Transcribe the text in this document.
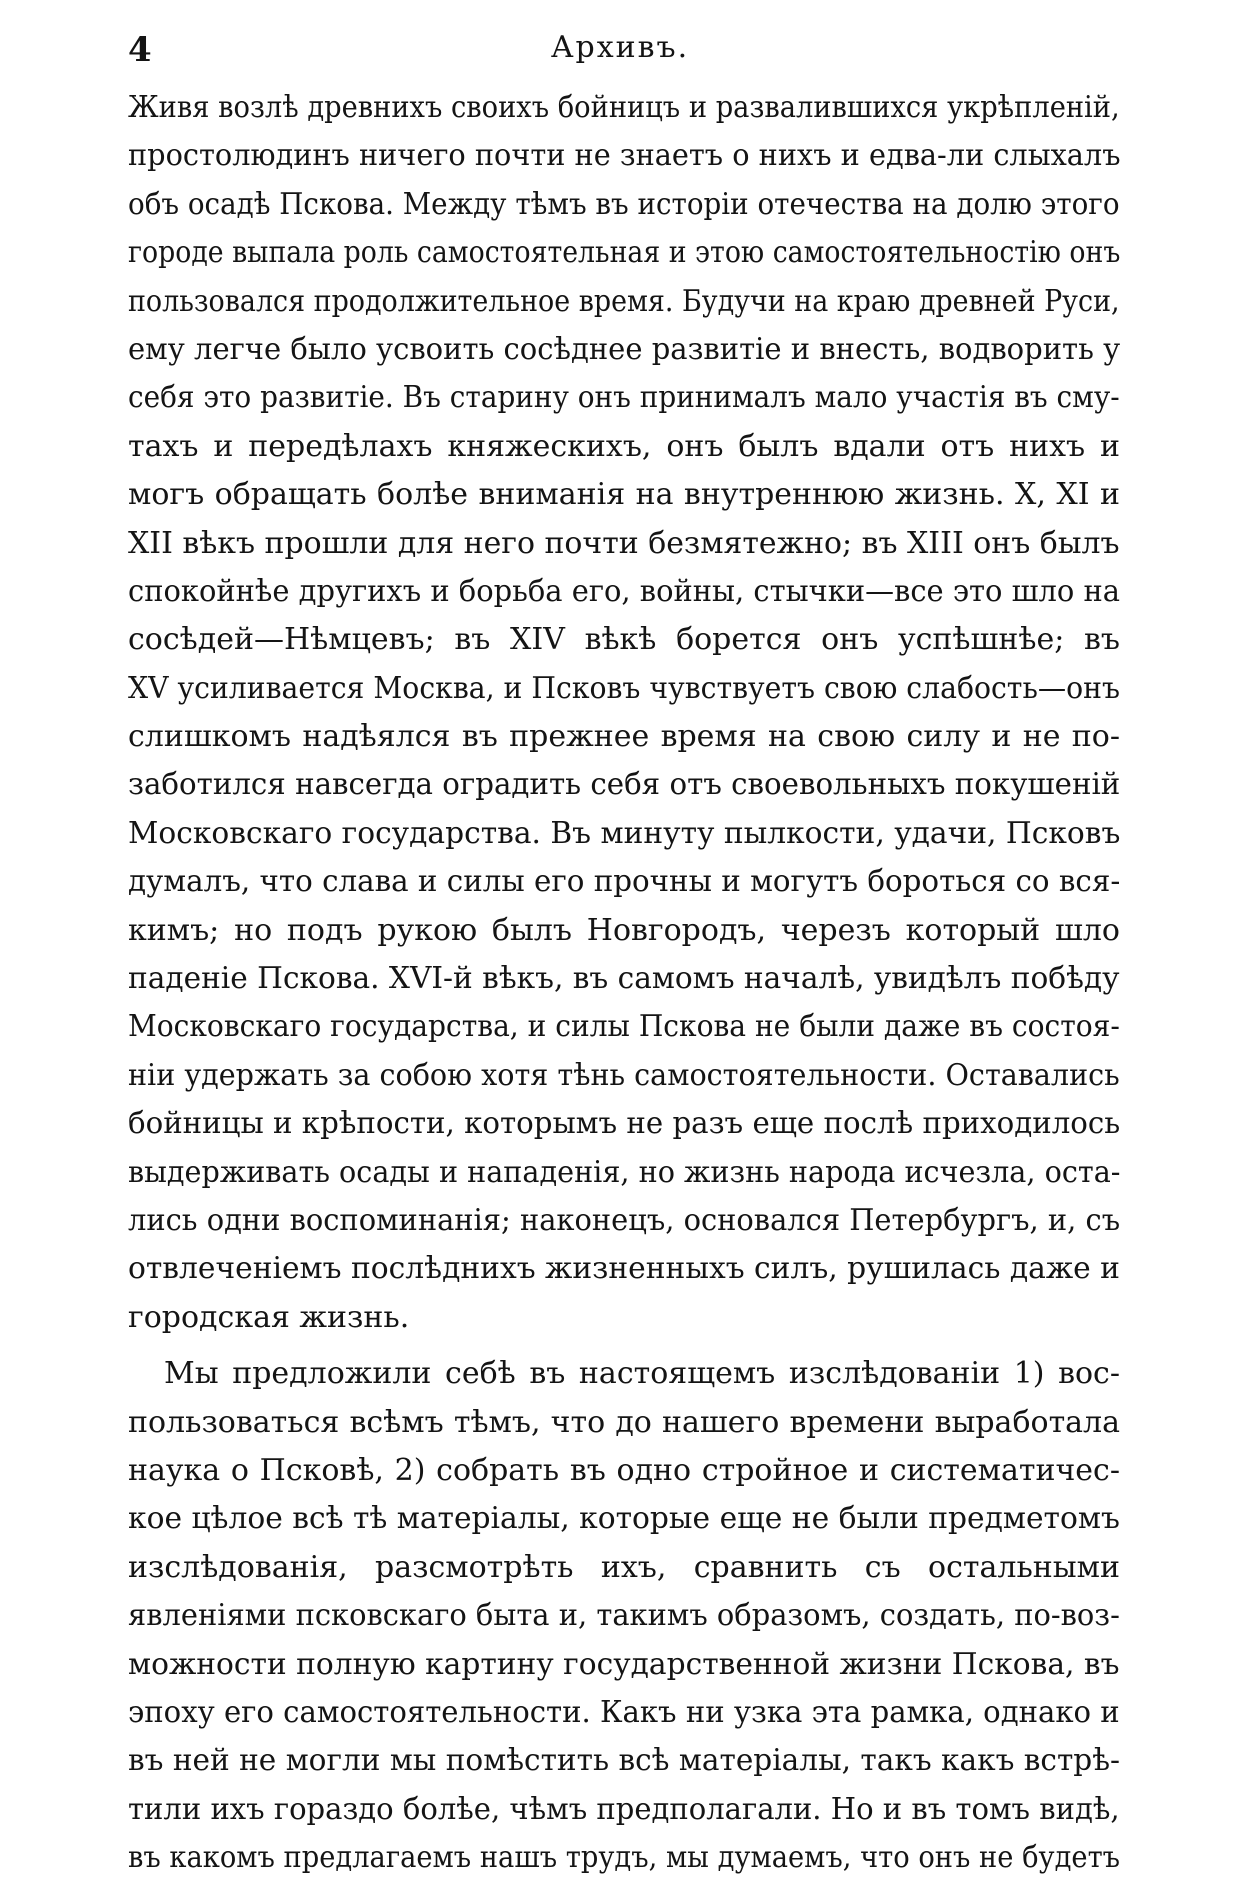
4	Архивъ.
Живя возлѣ древнихъ своихъ бойницъ и развалившихся укрѣпленій,
простолюдинъ ничего почти не знаетъ о нихъ и едва-ли слыхалъ
объ осадѣ Пскова. Между тѣмъ въ исторіи отечества на долю этого
городе выпала роль самостоятельная и этою самостоятельностію онъ
пользовался продолжительное время. Будучи на краю древней Руси,
ему легче было усвоить сосѣднее развитіе и внесть, водворить у
себя это развитіе. Въ старину онъ принималъ мало участія въ сму-
тахъ и передѣлахъ княжескихъ, онъ былъ вдали отъ нихъ и
могъ обращать болѣе вниманія на внутреннюю жизнь. X, XI и
XII вѣкъ прошли для него почти безмятежно; въ XIII онъ былъ
спокойнѣе другихъ и борьба его, войны, стычки—все это шло на
сосѣдей—Нѣмцевъ; въ XIV вѣкѣ борется онъ успѣшнѣе; въ
XV усиливается Москва, и Псковъ чувствуетъ свою слабость—онъ
слишкомъ надѣялся въ прежнее время на свою силу и не по-
заботился навсегда оградить себя отъ своевольныхъ покушеній
Московскаго государства. Въ минуту пылкости, удачи, Псковъ
думалъ, что слава и силы его прочны и могутъ бороться со вся-
кимъ; но подъ рукою былъ Новгородъ, черезъ который шло
паденіе Пскова. XVI-й вѣкъ, въ самомъ началѣ, увидѣлъ побѣду
Московскаго государства, и силы Пскова не были даже въ состоя-
ніи удержать за собою хотя тѣнь самостоятельности. Оставались
бойницы и крѣпости, которымъ не разъ еще послѣ приходилось
выдерживать осады и нападенія, но жизнь народа исчезла, оста-
лись одни воспоминанія; наконецъ, основался Петербургъ, и, съ
отвлеченіемъ послѣднихъ жизненныхъ силъ, рушилась даже и
городская жизнь.
Мы предложили себѣ въ настоящемъ изслѣдованіи 1) вос-
пользоваться всѣмъ тѣмъ, что до нашего времени выработала
наука о Псковѣ, 2) собрать въ одно стройное и систематичес-
кое цѣлое всѣ тѣ матеріалы, которые еще не были предметомъ
изслѣдованія, разсмотрѣть ихъ, сравнить съ остальными
явленіями псковскаго быта и, такимъ образомъ, создать, по-воз-
можности полную картину государственной жизни Пскова, въ
эпоху его самостоятельности. Какъ ни узка эта рамка, однако и
въ ней не могли мы помѣстить всѣ матеріалы, такъ какъ встрѣ-
тили ихъ гораздо болѣе, чѣмъ предполагали. Но и въ томъ видѣ,
въ какомъ предлагаемъ нашъ трудъ, мы думаемъ, что онъ не будетъ
